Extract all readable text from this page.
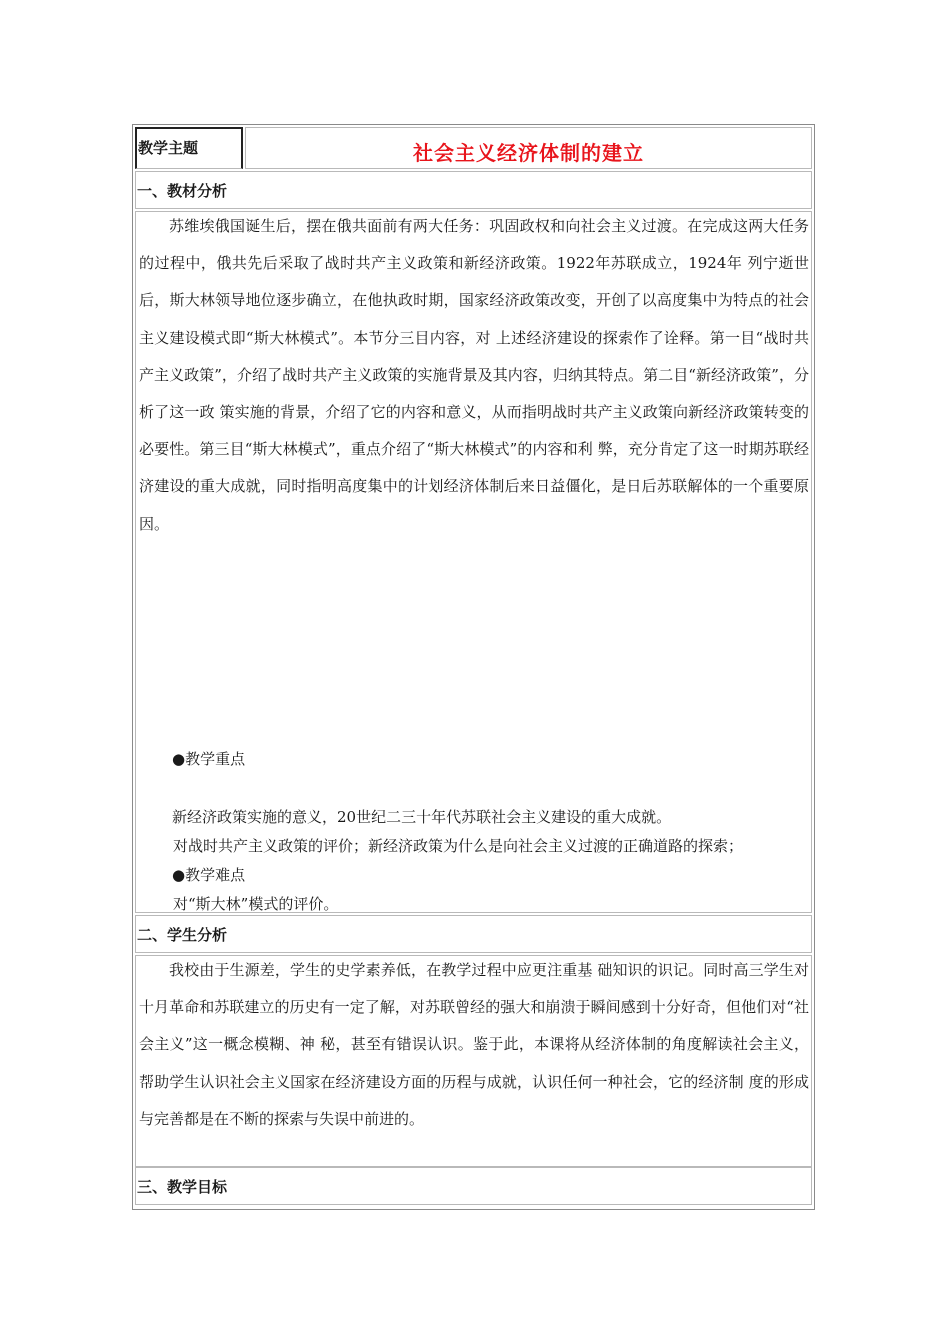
教学主题	社会主义经济体制的建立
一、教材分析

苏维埃俄国诞生后，摆在俄共面前有两大任务：巩固政权和向社会主义过渡。在完成这两大任务的过程中，俄共先后采取了战时共产主义政策和新经济政策。1922年苏联成立，1924年 列宁逝世后，斯大林领导地位逐步确立，在他执政时期，国家经济政策改变，开创了以高度集中为特点的社会主义建设模式即“斯大林模式”。本节分三目内容，对 上述经济建设的探索作了诠释。第一目“战时共产主义政策”，介绍了战时共产主义政策的实施背景及其内容，归纳其特点。第二目“新经济政策”，分析了这一政 策实施的背景，介绍了它的内容和意义，从而指明战时共产主义政策向新经济政策转变的必要性。第三目“斯大林模式”，重点介绍了“斯大林模式”的内容和利 弊，充分肯定了这一时期苏联经济建设的重大成就，同时指明高度集中的计划经济体制后来日益僵化，是日后苏联解体的一个重要原因。

●教学重点
新经济政策实施的意义，20世纪二三十年代苏联社会主义建设的重大成就。
●教学难点
对战时共产主义政策的评价；新经济政策为什么是向社会主义过渡的正确道路的探索；
对“斯大林”模式的评价。
二、学生分析

我校由于生源差，学生的史学素养低，在教学过程中应更注重基 础知识的识记。同时高三学生对十月革命和苏联建立的历史有一定了解，对苏联曾经的强大和崩溃于瞬间感到十分好奇，但他们对“社会主义”这一概念模糊、神 秘，甚至有错误认识。鉴于此，本课将从经济体制的角度解读社会主义，帮助学生认识社会主义国家在经济建设方面的历程与成就，认识任何一种社会，它的经济制 度的形成与完善都是在不断的探索与失误中前进的。

三、教学目标
